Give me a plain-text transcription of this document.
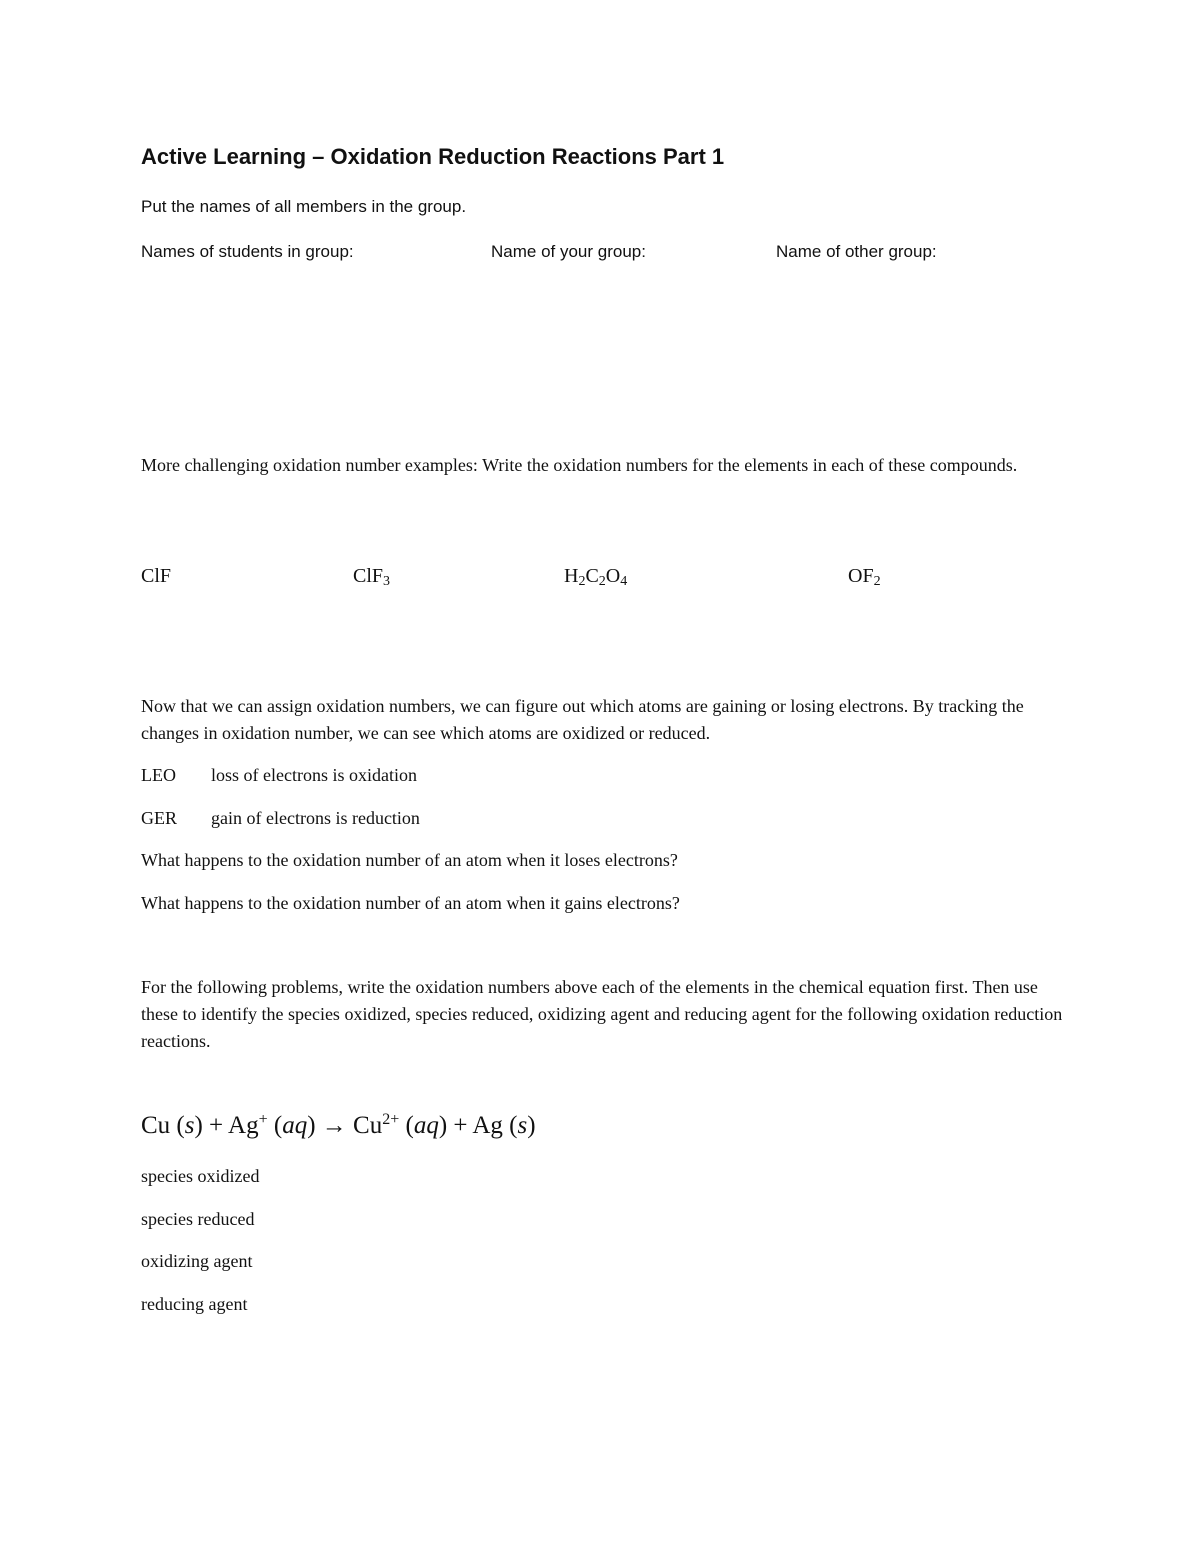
Active Learning – Oxidation Reduction Reactions Part 1
Put the names of all members in the group.
Names of students in group:	Name of your group:	Name of other group:
More challenging oxidation number examples: Write the oxidation numbers for the elements in each of these compounds.
ClF	ClF$_3$	$H_2C_2O_4$	$OF_2$
Now that we can assign oxidation numbers, we can figure out which atoms are gaining or losing electrons. By tracking the changes in oxidation number, we can see which atoms are oxidized or reduced.
LEO loss of electrons is oxidation
GER gain of electrons is reduction
What happens to the oxidation number of an atom when it loses electrons?
What happens to the oxidation number of an atom when it gains electrons?
For the following problems, write the oxidation numbers above each of the elements in the chemical equation first. Then use these to identify the species oxidized, species reduced, oxidizing agent and reducing agent for the following oxidation reduction reactions.
Cu (s) + Ag+ $(aq) \to Cu^{2+}$ (aq) + Ag (s)
species oxidized
species reduced
oxidizing agent
reducing agent
